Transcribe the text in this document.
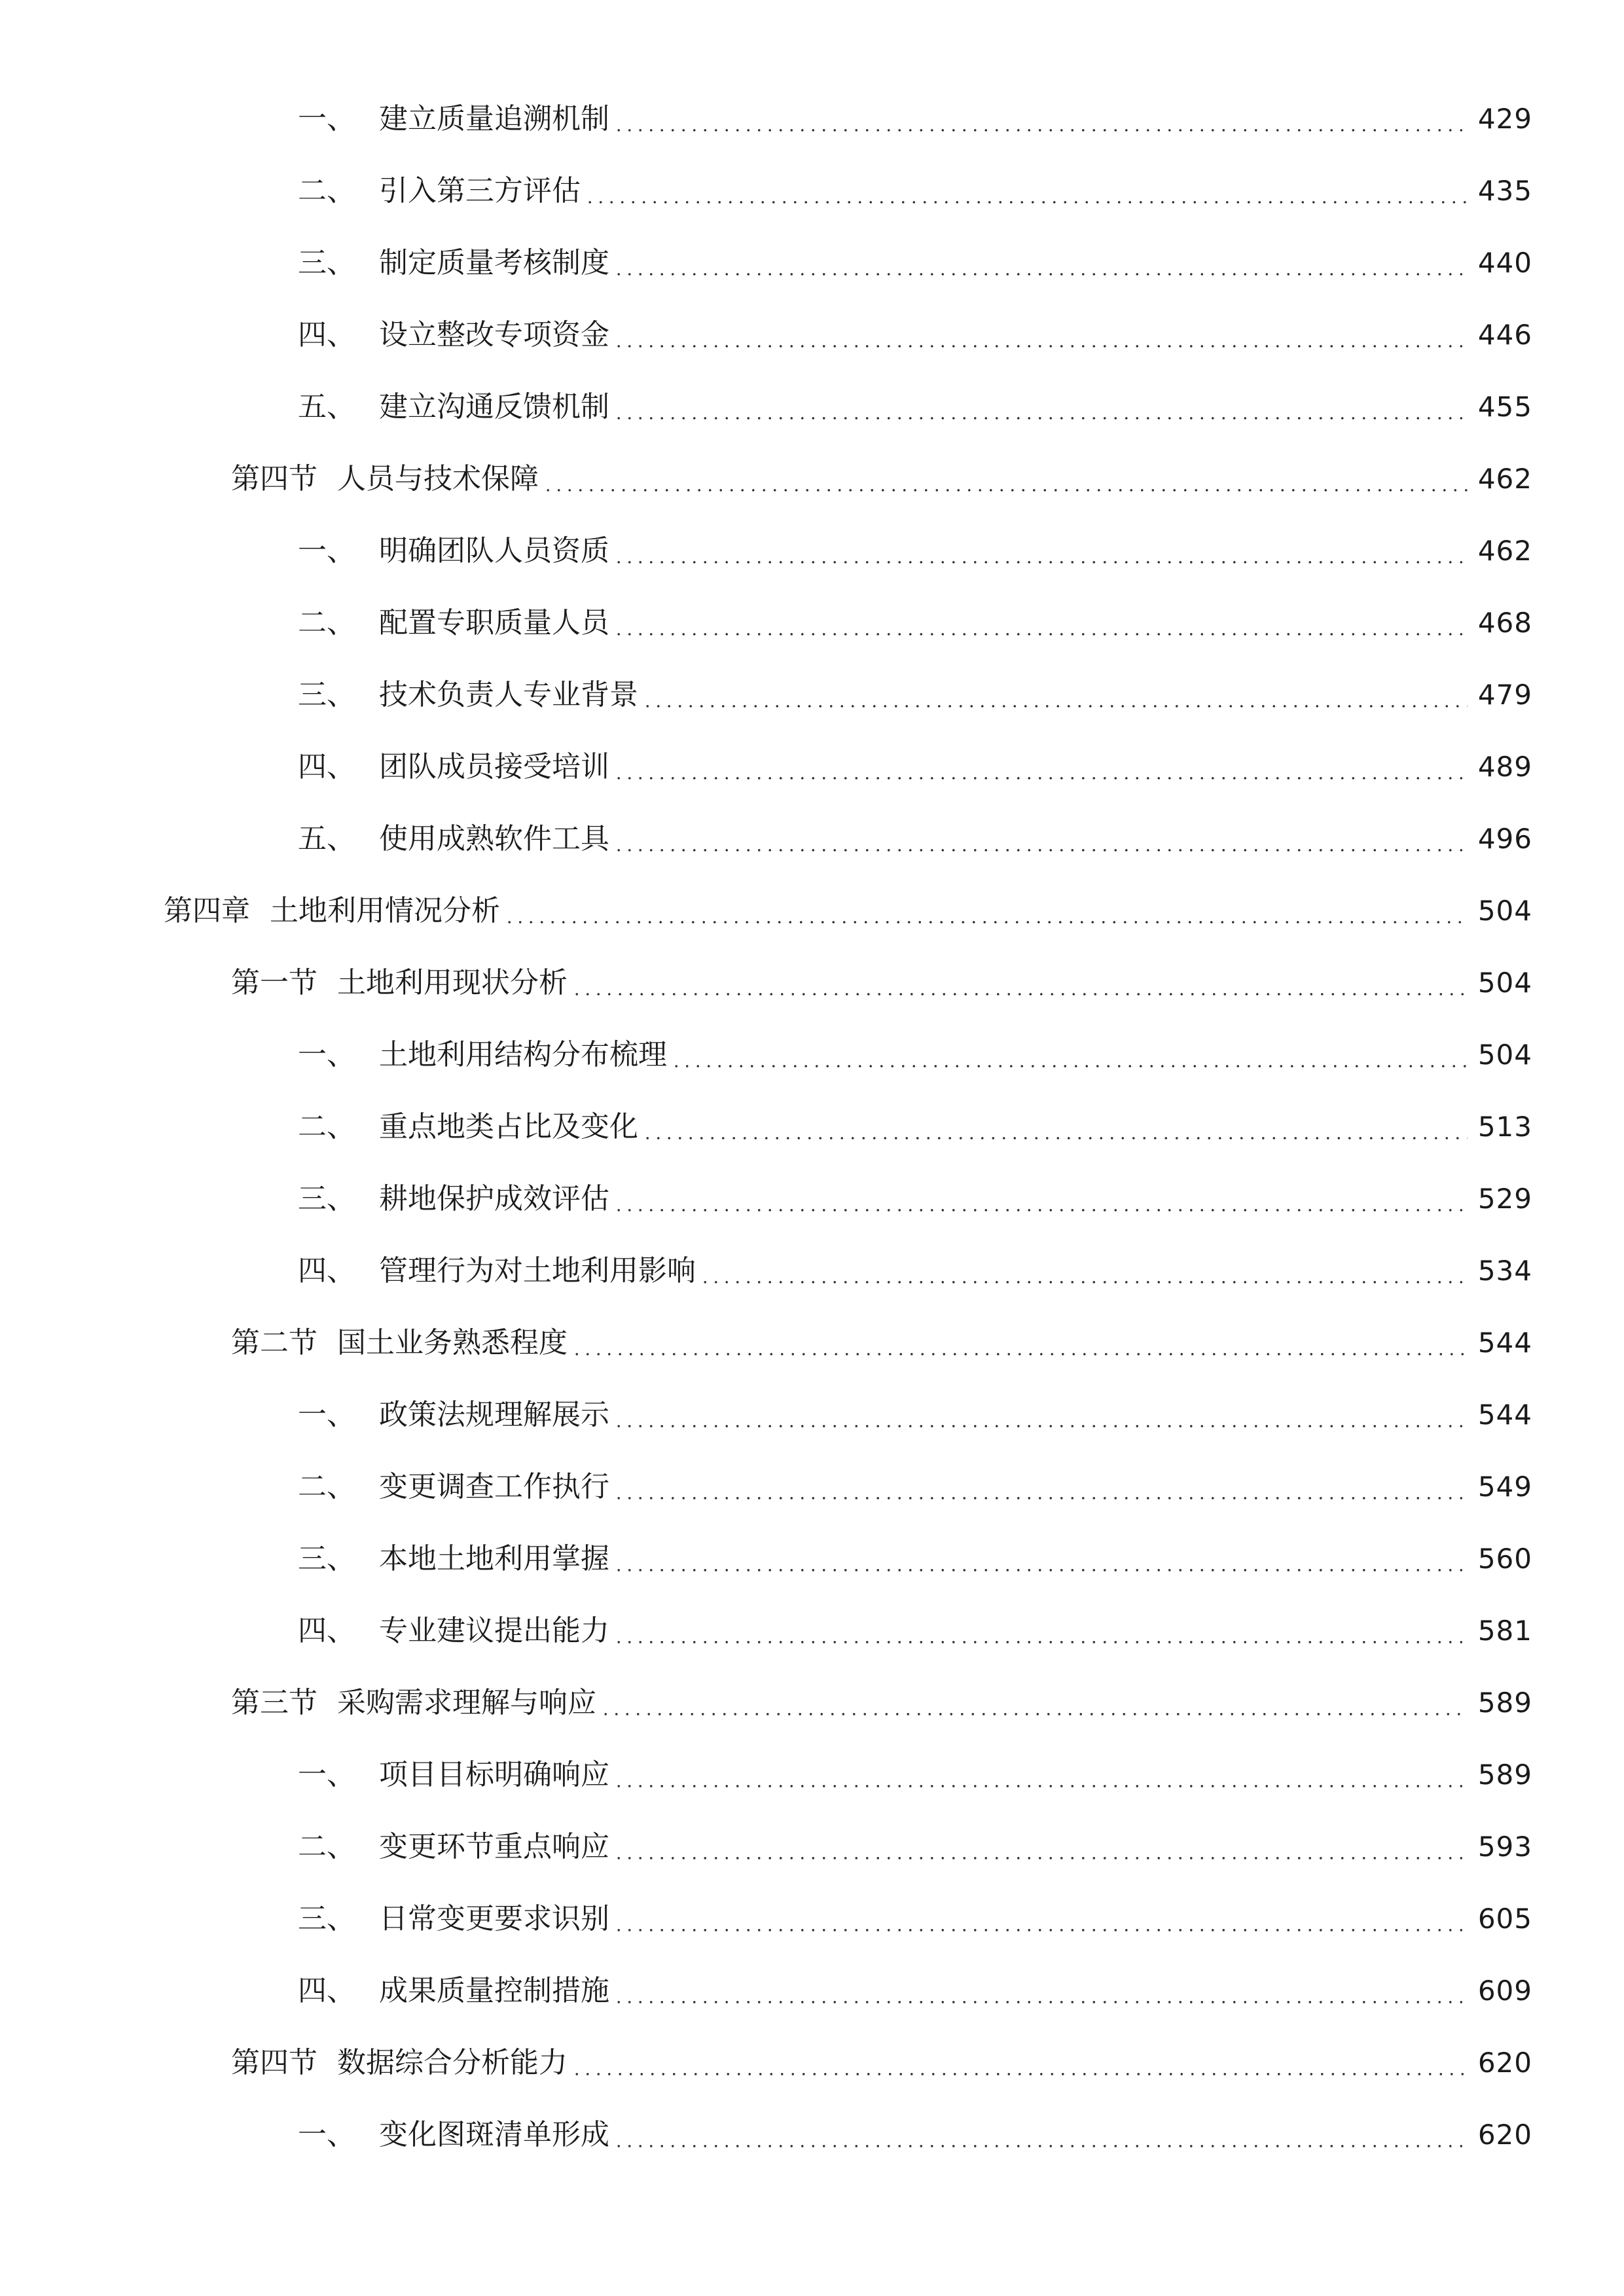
一、 建立质量追溯机制	429
二、 引入第三方评估	435
三、 制定质量考核制度	440
四、 设立整改专项资金	446
五、 建立沟通反馈机制	455
第四节 人员与技术保障	462
一、 明确团队人员资质	462
二、 配置专职质量人员	468
三、 技术负责人专业背景	479
四、 团队成员接受培训	489
五、 使用成熟软件工具	496
第四章 土地利用情况分析	504
第一节 土地利用现状分析	504
一、 土地利用结构分布梳理	504
二、 重点地类占比及变化	513
三、 耕地保护成效评估	529
四、 管理行为对土地利用影响	534
第二节 国土业务熟悉程度	544
一、 政策法规理解展示	544
二、 变更调查工作执行	549
三、 本地土地利用掌握	560
四、 专业建议提出能力	581
第三节 采购需求理解与响应	589
一、 项目目标明确响应	589
二、 变更环节重点响应	593
三、 日常变更要求识别	605
四、 成果质量控制措施	609
第四节 数据综合分析能力	620
一、 变化图斑清单形成	620
